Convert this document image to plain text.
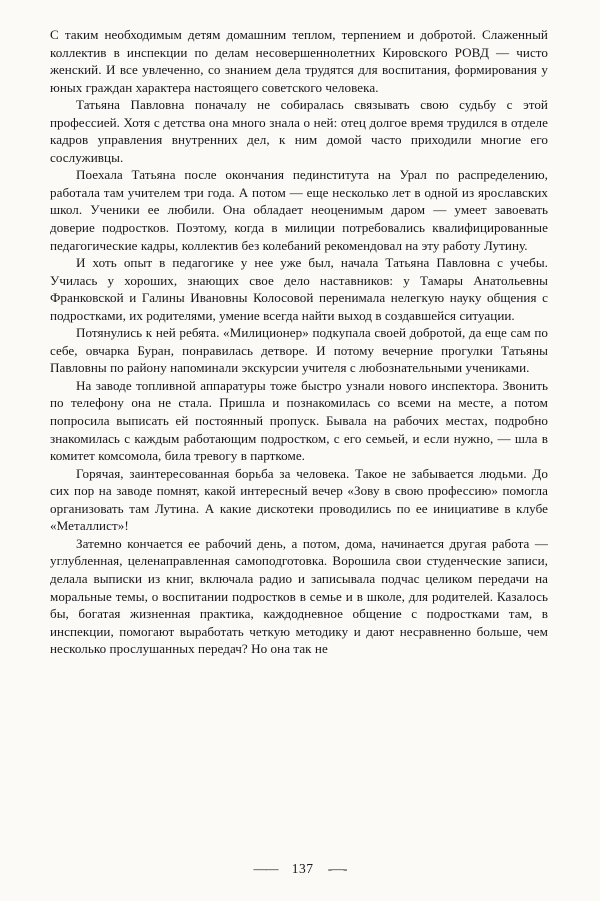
С таким необходимым детям домашним теплом, терпением и добротой. Слаженный коллектив в инспекции по делам несовершеннолетних Кировского РОВД — чисто женский. И все увлеченно, со знанием дела трудятся для воспитания, формирования у юных граждан характера настоящего советского человека.

Татьяна Павловна поначалу не собиралась связывать свою судьбу с этой профессией. Хотя с детства она много знала о ней: отец долгое время трудился в отделе кадров управления внутренних дел, к ним домой часто приходили многие его сослуживцы.

Поехала Татьяна после окончания пединститута на Урал по распределению, работала там учителем три года. А потом — еще несколько лет в одной из ярославских школ. Ученики ее любили. Она обладает неоценимым даром — умеет завоевать доверие подростков. Поэтому, когда в милиции потребовались квалифицированные педагогические кадры, коллектив без колебаний рекомендовал на эту работу Лутину.

И хоть опыт в педагогике у нее уже был, начала Татьяна Павловна с учебы. Училась у хороших, знающих свое дело наставников: у Тамары Анатольевны Франковской и Галины Ивановны Колосовой перенимала нелегкую науку общения с подростками, их родителями, умение всегда найти выход в создавшейся ситуации.

Потянулись к ней ребята. «Милиционер» подкупала своей добротой, да еще сам по себе, овчарка Буран, понравилась детворе. И потому вечерние прогулки Татьяны Павловны по району напоминали экскурсии учителя с любознательными учениками.

На заводе топливной аппаратуры тоже быстро узнали нового инспектора. Звонить по телефону она не стала. Пришла и познакомилась со всеми на месте, а потом попросила выписать ей постоянный пропуск. Бывала на рабочих местах, подробно знакомилась с каждым работающим подростком, с его семьей, и если нужно, — шла в комитет комсомола, била тревогу в парткоме.

Горячая, заинтересованная борьба за человека. Такое не забывается людьми. До сих пор на заводе помнят, какой интересный вечер «Зову в свою профессию» помогла организовать там Лутина. А какие дискотеки проводились по ее инициативе в клубе «Металлист»!

Затемно кончается ее рабочий день, а потом, дома, начинается другая работа — углубленная, целенаправленная самоподготовка. Ворошила свои студенческие записи, делала выписки из книг, включала радио и записывала подчас целиком передачи на моральные темы, о воспитании подростков в семье и в школе, для родителей. Казалось бы, богатая жизненная практика, каждодневное общение с подростками там, в инспекции, помогают выработать четкую методику и дают несравненно больше, чем несколько прослушанных передач? Но она так не

—— 137 -—-
